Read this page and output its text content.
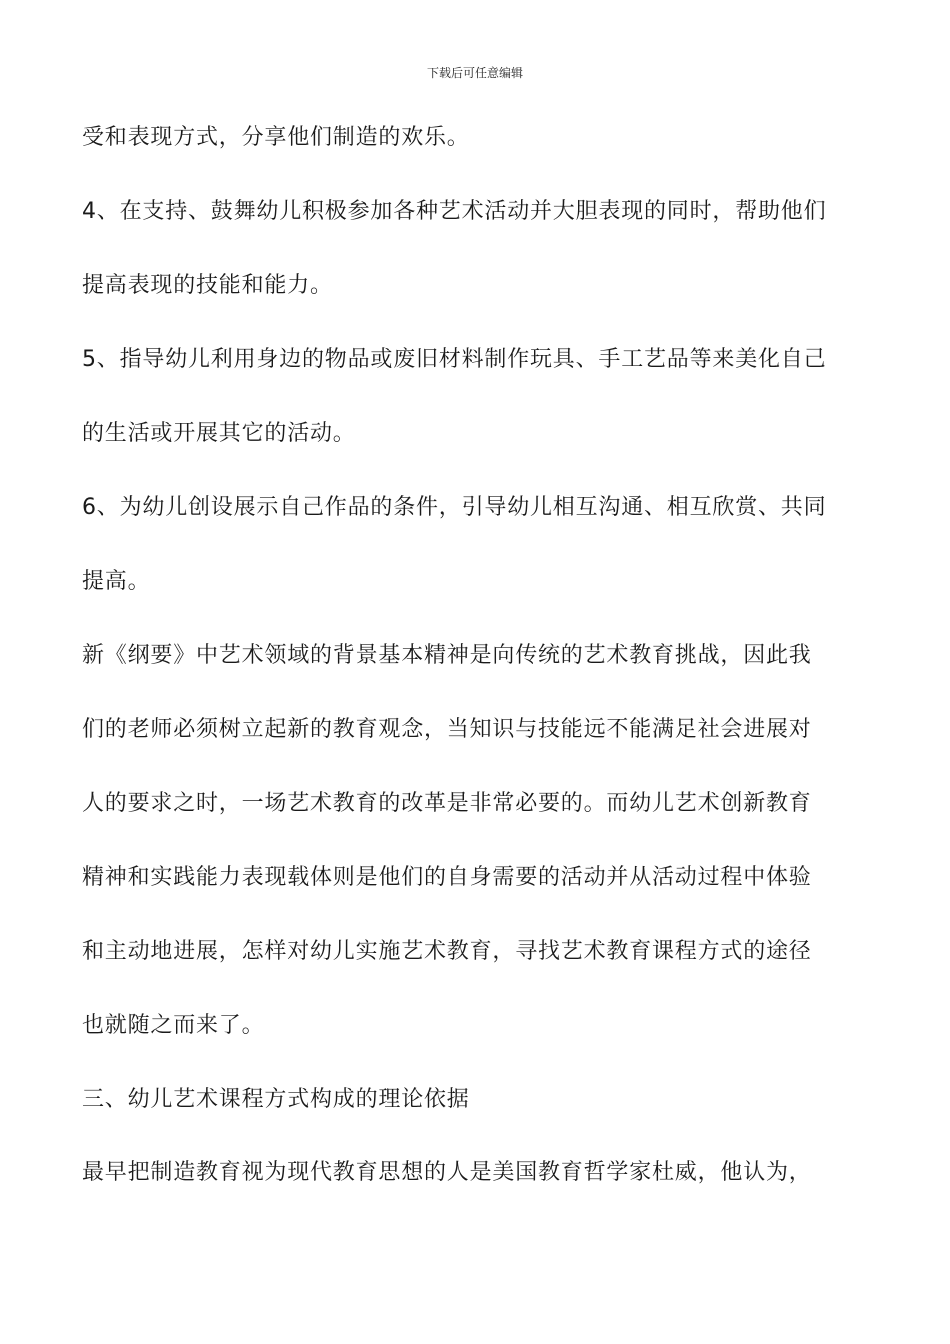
下载后可任意编辑
受和表现方式，分享他们制造的欢乐。
4、在支持、鼓舞幼儿积极参加各种艺术活动并大胆表现的同时，帮助他们
提高表现的技能和能力。
5、指导幼儿利用身边的物品或废旧材料制作玩具、手工艺品等来美化自己
的生活或开展其它的活动。
6、为幼儿创设展示自己作品的条件，引导幼儿相互沟通、相互欣赏、共同
提高。
新《纲要》中艺术领域的背景基本精神是向传统的艺术教育挑战，因此我
们的老师必须树立起新的教育观念，当知识与技能远不能满足社会进展对
人的要求之时，一场艺术教育的改革是非常必要的。而幼儿艺术创新教育
精神和实践能力表现载体则是他们的自身需要的活动并从活动过程中体验
和主动地进展，怎样对幼儿实施艺术教育，寻找艺术教育课程方式的途径
也就随之而来了。
三、幼儿艺术课程方式构成的理论依据
最早把制造教育视为现代教育思想的人是美国教育哲学家杜威，他认为，
